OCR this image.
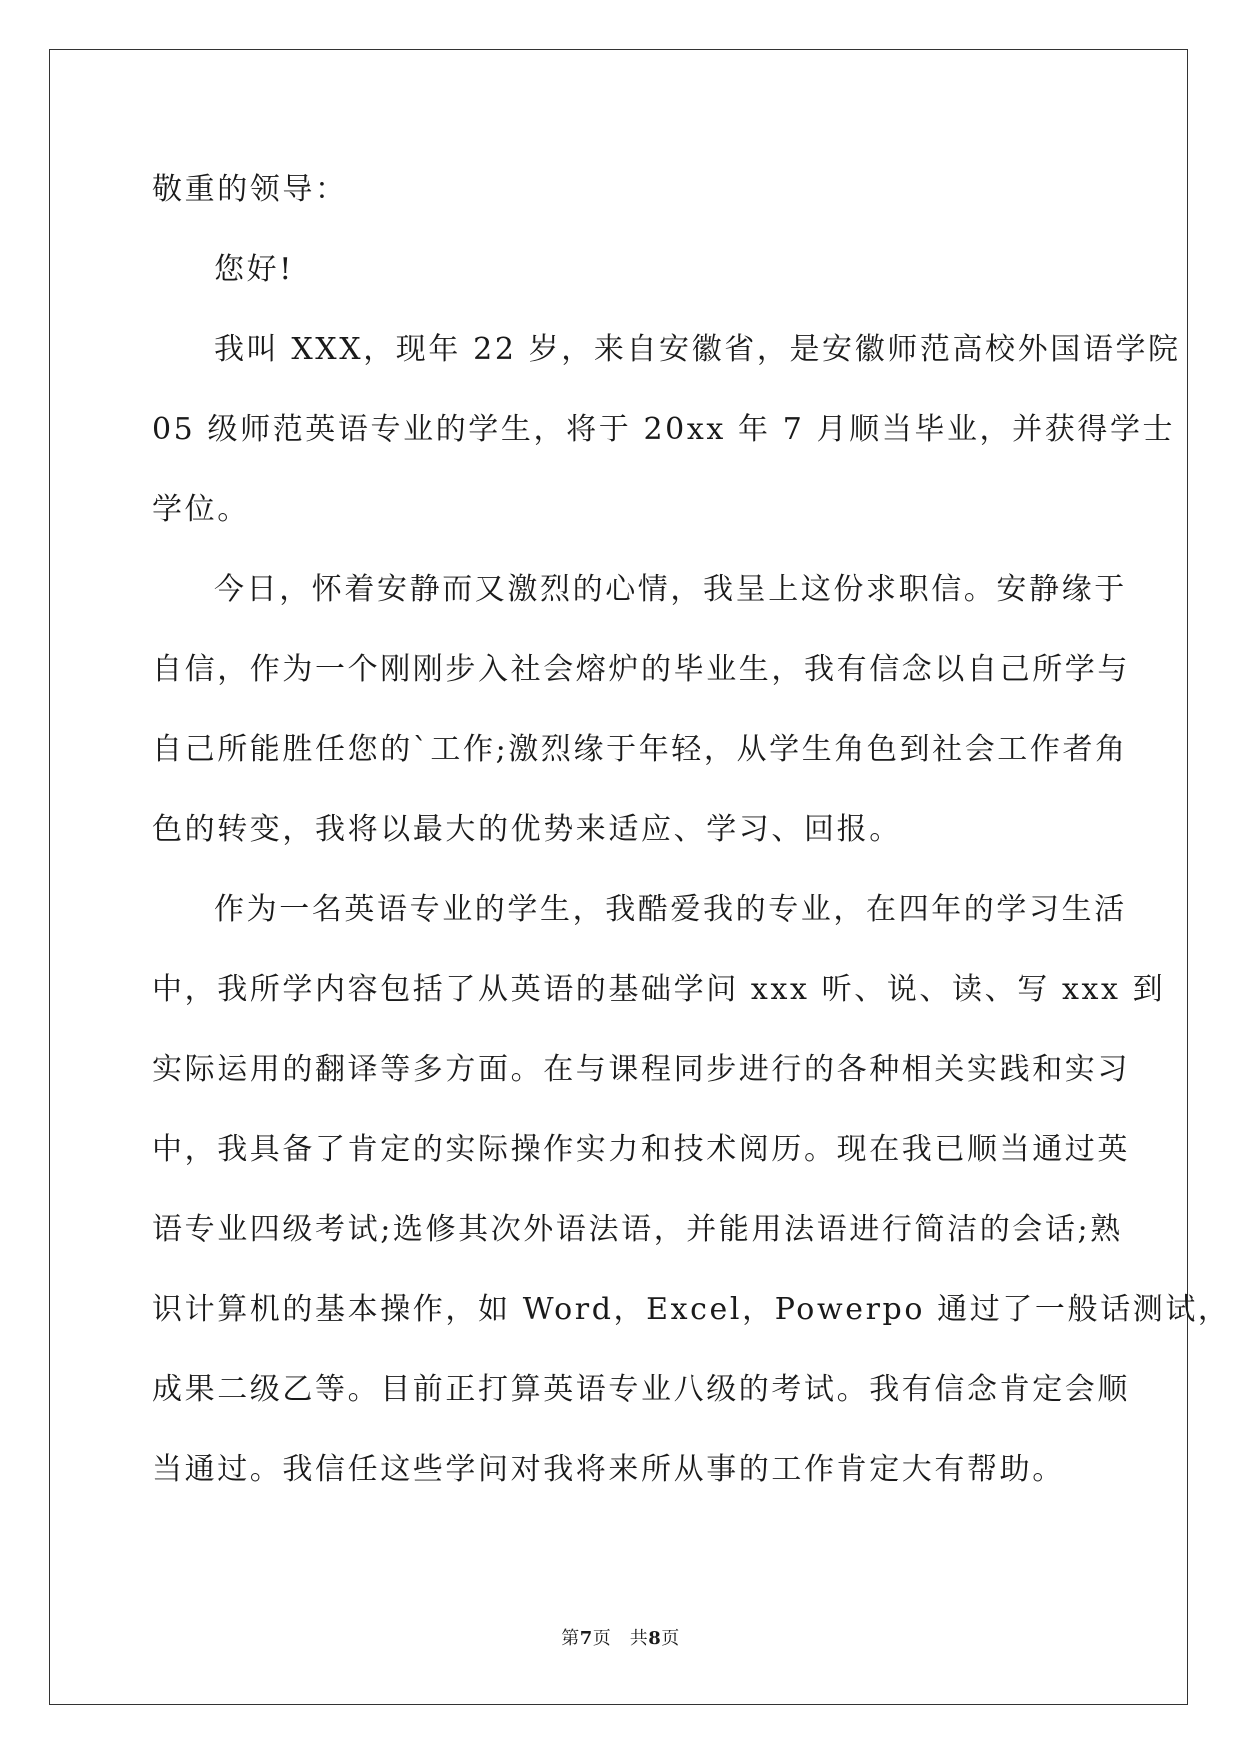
敬重的领导：
您好!
我叫 XXX，现年 22 岁，来自安徽省，是安徽师范高校外国语学院
05 级师范英语专业的学生，将于 20xx 年 7 月顺当毕业，并获得学士
学位。
今日，怀着安静而又激烈的心情，我呈上这份求职信。安静缘于
自信，作为一个刚刚步入社会熔炉的毕业生，我有信念以自己所学与
自己所能胜任您的`工作;激烈缘于年轻，从学生角色到社会工作者角
色的转变，我将以最大的优势来适应、学习、回报。
作为一名英语专业的学生，我酷爱我的专业，在四年的学习生活
中，我所学内容包括了从英语的基础学问 xxx 听、说、读、写 xxx 到
实际运用的翻译等多方面。在与课程同步进行的各种相关实践和实习
中，我具备了肯定的实际操作实力和技术阅历。现在我已顺当通过英
语专业四级考试;选修其次外语法语，并能用法语进行简洁的会话;熟
识计算机的基本操作，如 Word，Excel，Powerpo 通过了一般话测试，
成果二级乙等。目前正打算英语专业八级的考试。我有信念肯定会顺
当通过。我信任这些学问对我将来所从事的工作肯定大有帮助。
第7页　共8页
